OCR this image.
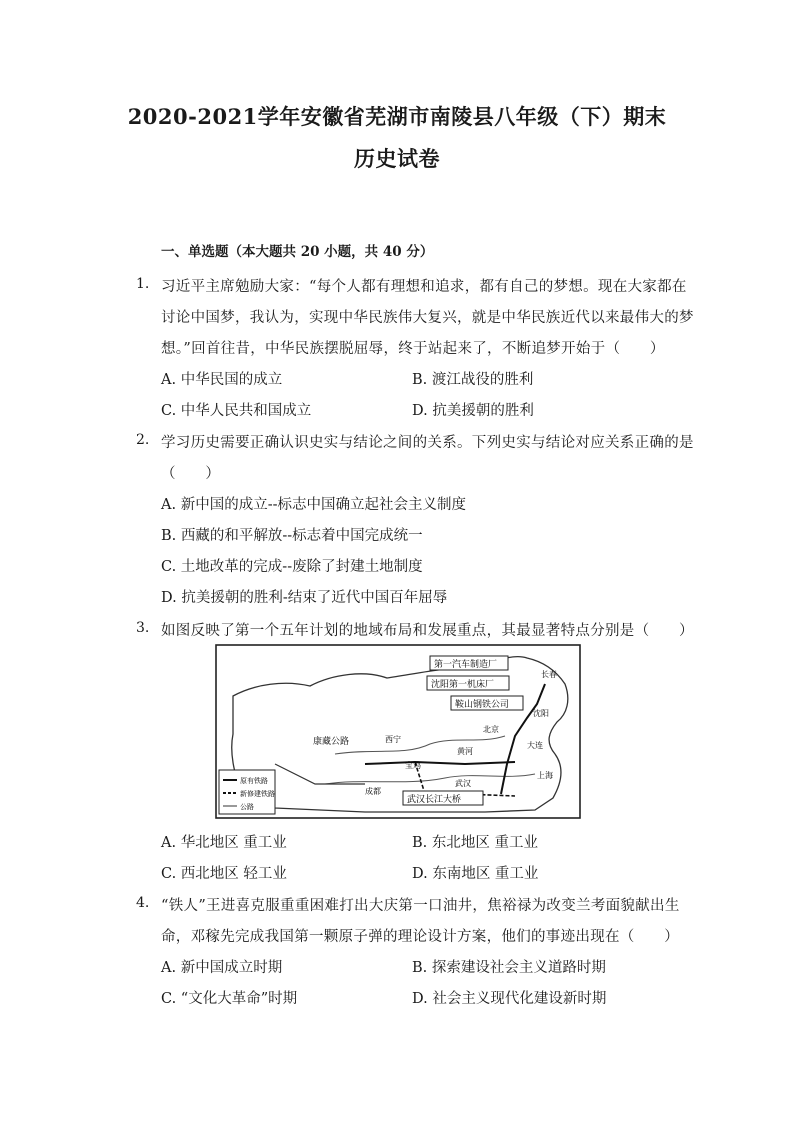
2020-2021学年安徽省芜湖市南陵县八年级（下）期末
历史试卷
一、单选题（本大题共 20 小题，共 40 分）
1. 习近平主席勉励大家：“每个人都有理想和追求，都有自己的梦想。现在大家都在
讨论中国梦，我认为，实现中华民族伟大复兴，就是中华民族近代以来最伟大的梦
想。”回首往昔，中华民族摆脱屈辱，终于站起来了，不断追梦开始于（　　）
A. 中华民国的成立	B. 渡江战役的胜利
C. 中华人民共和国成立	D. 抗美援朝的胜利
2. 学习历史需要正确认识史实与结论之间的关系。下列史实与结论对应关系正确的是
（　　）
A. 新中国的成立--标志中国确立起社会主义制度
B. 西藏的和平解放--标志着中国完成统一
C. 土地改革的完成--废除了封建土地制度
D. 抗美援朝的胜利-结束了近代中国百年屈辱
3. 如图反映了第一个五年计划的地域布局和发展重点，其最显著特点分别是（　　）
第一汽车制造厂
沈阳第一机床厂
鞍山钢铁公司
武汉长江大桥
康藏公路
长春
沈阳
北京
上海
武汉
西宁
宝鸡
成都
黄河
大连
原有铁路
新修建铁路
公路
A. 华北地区 重工业	B. 东北地区 重工业
C. 西北地区 轻工业	D. 东南地区 重工业
4. “铁人”王进喜克服重重困难打出大庆第一口油井，焦裕禄为改变兰考面貌献出生
命，邓稼先完成我国第一颗原子弹的理论设计方案，他们的事迹出现在（　　）
A. 新中国成立时期	B. 探索建设社会主义道路时期
C. “文化大革命”时期	D. 社会主义现代化建设新时期
